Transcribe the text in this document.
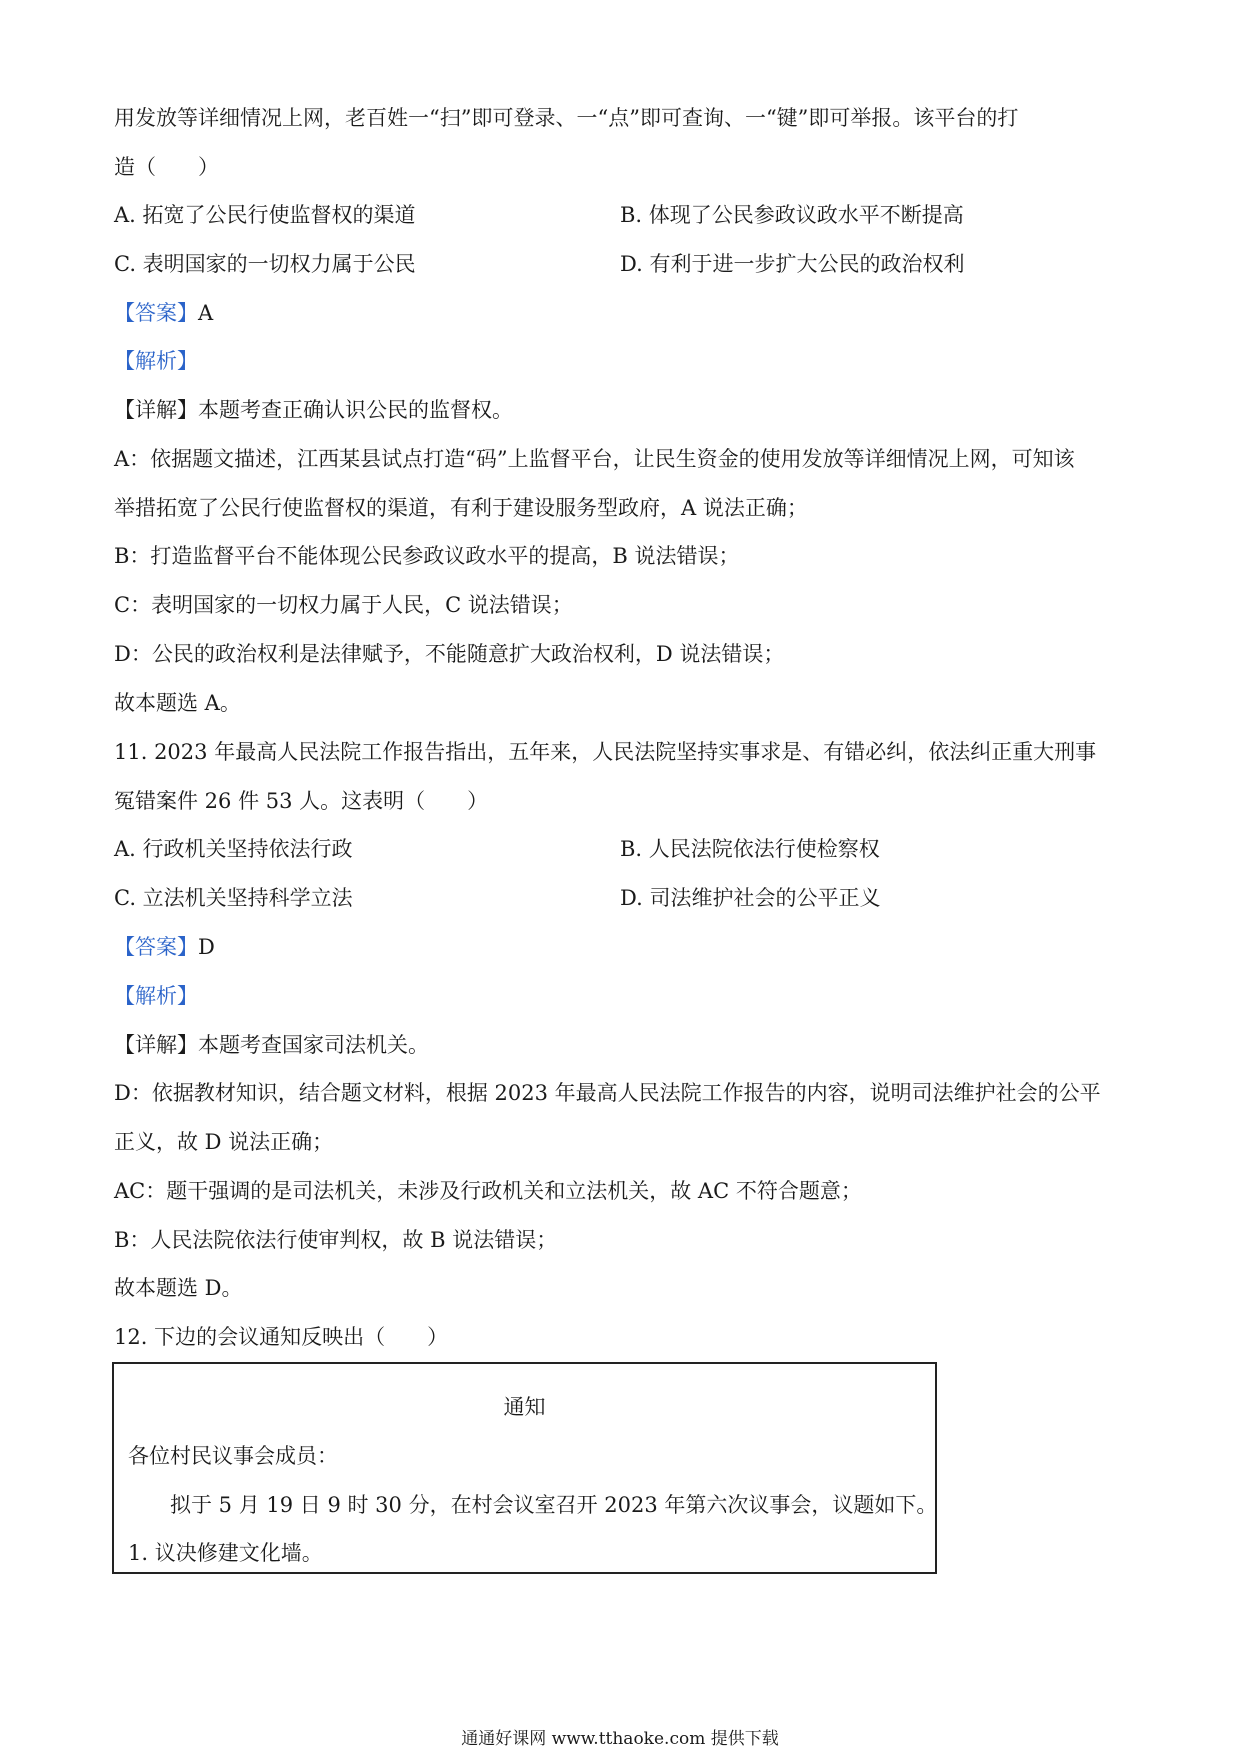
用发放等详细情况上网，老百姓一“扫”即可登录、一“点”即可查询、一“键”即可举报。该平台的打
造（　　）
A. 拓宽了公民行使监督权的渠道	B. 体现了公民参政议政水平不断提高
C. 表明国家的一切权力属于公民	D. 有利于进一步扩大公民的政治权利
【答案】A
【解析】
【详解】本题考查正确认识公民的监督权。
A：依据题文描述，江西某县试点打造“码”上监督平台，让民生资金的使用发放等详细情况上网，可知该
举措拓宽了公民行使监督权的渠道，有利于建设服务型政府，A 说法正确；
B：打造监督平台不能体现公民参政议政水平的提高，B 说法错误；
C：表明国家的一切权力属于人民，C 说法错误；
D：公民的政治权利是法律赋予，不能随意扩大政治权利，D 说法错误；
故本题选 A。
11. 2023 年最高人民法院工作报告指出，五年来，人民法院坚持实事求是、有错必纠，依法纠正重大刑事
冤错案件 26 件 53 人。这表明（　　）
A. 行政机关坚持依法行政	B. 人民法院依法行使检察权
C. 立法机关坚持科学立法	D. 司法维护社会的公平正义
【答案】D
【解析】
【详解】本题考查国家司法机关。
D：依据教材知识，结合题文材料，根据 2023 年最高人民法院工作报告的内容，说明司法维护社会的公平
正义，故 D 说法正确；
AC：题干强调的是司法机关，未涉及行政机关和立法机关，故 AC 不符合题意；
B：人民法院依法行使审判权，故 B 说法错误；
故本题选 D。
12. 下边的会议通知反映出（　　）
通知
各位村民议事会成员：
拟于 5 月 19 日 9 时 30 分，在村会议室召开 2023 年第六次议事会，议题如下。
1. 议决修建文化墙。
通通好课网 www.tthaoke.com 提供下载
